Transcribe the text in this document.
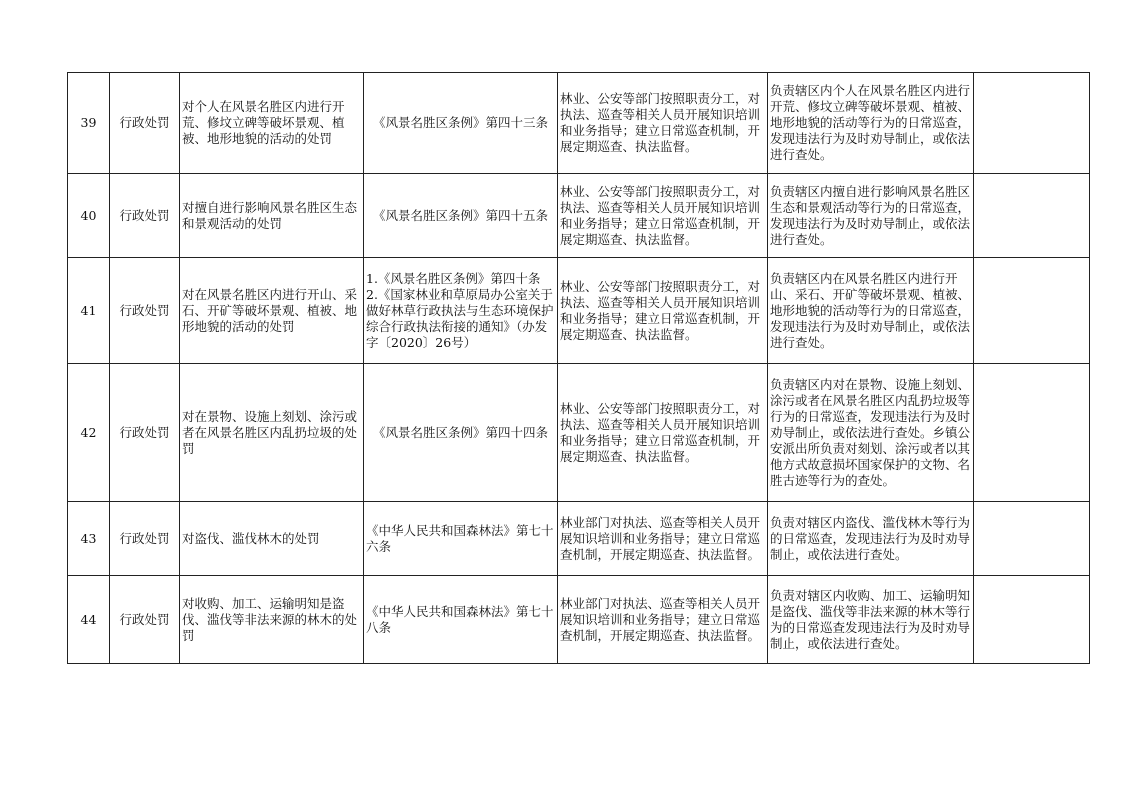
39	行政处罚	对个人在风景名胜区内进行开荒、修坟立碑等破坏景观、植被、地形地貌的活动的处罚	《风景名胜区条例》第四十三条	林业、公安等部门按照职责分工，对执法、巡查等相关人员开展知识培训和业务指导；建立日常巡查机制，开展定期巡查、执法监督。	负责辖区内个人在风景名胜区内进行开荒、修坟立碑等破坏景观、植被、地形地貌的活动等行为的日常巡查，发现违法行为及时劝导制止，或依法进行查处。	
40	行政处罚	对擅自进行影响风景名胜区生态和景观活动的处罚	《风景名胜区条例》第四十五条	林业、公安等部门按照职责分工，对执法、巡查等相关人员开展知识培训和业务指导；建立日常巡查机制，开展定期巡查、执法监督。	负责辖区内擅自进行影响风景名胜区生态和景观活动等行为的日常巡查，发现违法行为及时劝导制止，或依法进行查处。	
41	行政处罚	对在风景名胜区内进行开山、采石、开矿等破坏景观、植被、地形地貌的活动的处罚	1.《风景名胜区条例》第四十条
2.《国家林业和草原局办公室关于做好林草行政执法与生态环境保护综合行政执法衔接的通知》（办发字〔2020〕26号）	林业、公安等部门按照职责分工，对执法、巡查等相关人员开展知识培训和业务指导；建立日常巡查机制，开展定期巡查、执法监督。	负责辖区内在风景名胜区内进行开山、采石、开矿等破坏景观、植被、地形地貌的活动等行为的日常巡查，发现违法行为及时劝导制止，或依法进行查处。	
42	行政处罚	对在景物、设施上刻划、涂污或者在风景名胜区内乱扔垃圾的处罚	《风景名胜区条例》第四十四条	林业、公安等部门按照职责分工，对执法、巡查等相关人员开展知识培训和业务指导；建立日常巡查机制，开展定期巡查、执法监督。	负责辖区内对在景物、设施上刻划、涂污或者在风景名胜区内乱扔垃圾等行为的日常巡查，发现违法行为及时劝导制止，或依法进行查处。乡镇公安派出所负责对刻划、涂污或者以其他方式故意损坏国家保护的文物、名胜古迹等行为的查处。	
43	行政处罚	对盗伐、滥伐林木的处罚	《中华人民共和国森林法》第七十六条	林业部门对执法、巡查等相关人员开展知识培训和业务指导；建立日常巡查机制，开展定期巡查、执法监督。	负责对辖区内盗伐、滥伐林木等行为的日常巡查，发现违法行为及时劝导制止，或依法进行查处。	
44	行政处罚	对收购、加工、运输明知是盗伐、滥伐等非法来源的林木的处罚	《中华人民共和国森林法》第七十八条	林业部门对执法、巡查等相关人员开展知识培训和业务指导；建立日常巡查机制，开展定期巡查、执法监督。	负责对辖区内收购、加工、运输明知是盗伐、滥伐等非法来源的林木等行为的日常巡查发现违法行为及时劝导制止，或依法进行查处。	
